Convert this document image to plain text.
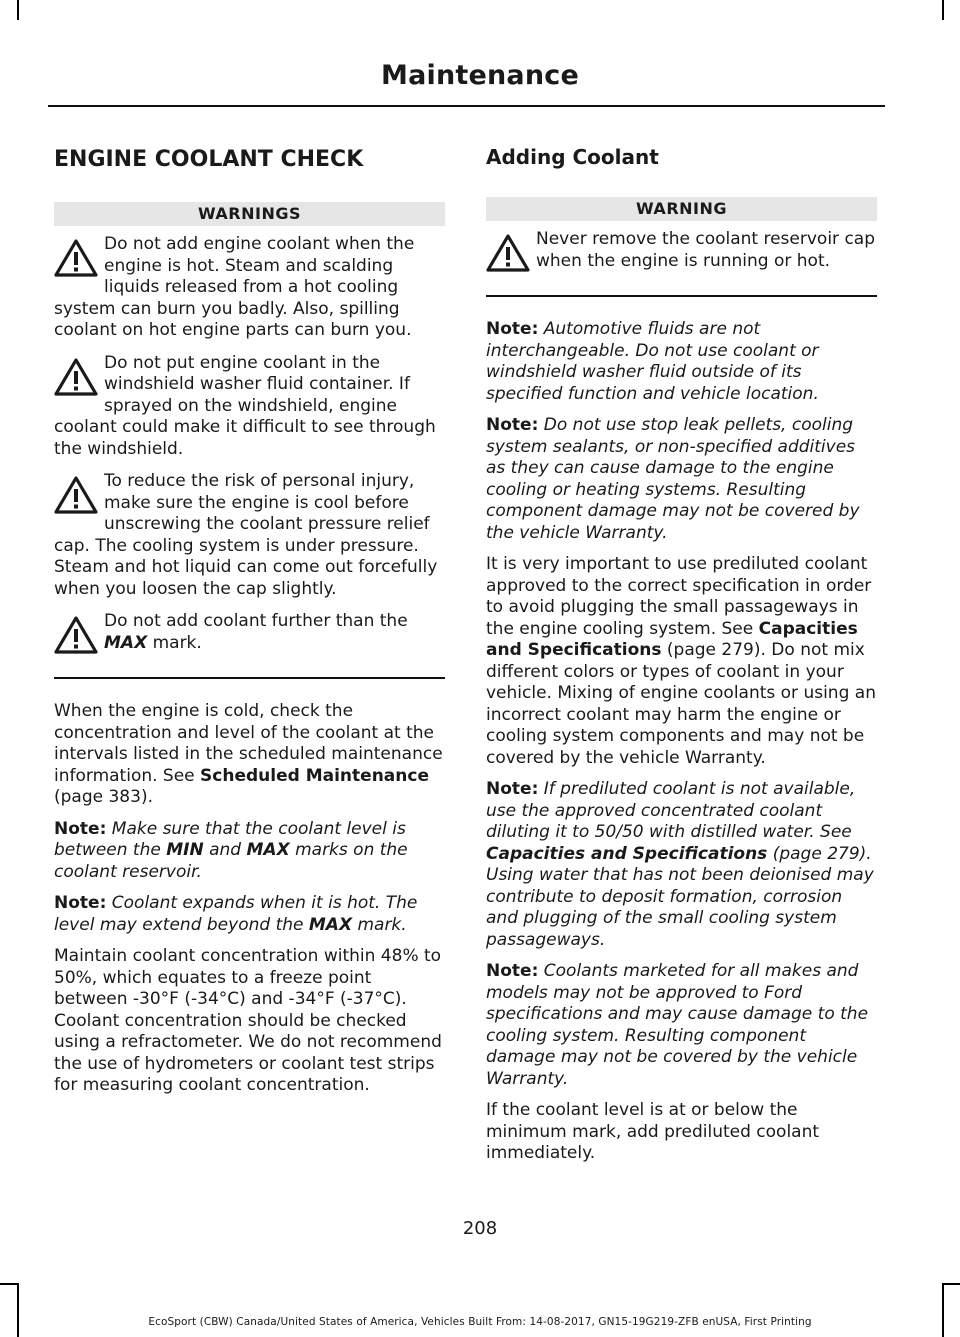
Maintenance
ENGINE COOLANT CHECK
WARNINGS

Do not add engine coolant when the engine is hot. Steam and scalding liquids released from a hot cooling system can burn you badly. Also, spilling coolant on hot engine parts can burn you.

Do not put engine coolant in the windshield washer fluid container. If sprayed on the windshield, engine coolant could make it difficult to see through the windshield.

To reduce the risk of personal injury, make sure the engine is cool before unscrewing the coolant pressure relief cap. The cooling system is under pressure. Steam and hot liquid can come out forcefully when you loosen the cap slightly.

Do not add coolant further than the MAX mark.

When the engine is cold, check the concentration and level of the coolant at the intervals listed in the scheduled maintenance information. See Scheduled Maintenance (page 383).

Note: Make sure that the coolant level is between the MIN and MAX marks on the coolant reservoir.

Note: Coolant expands when it is hot. The level may extend beyond the MAX mark.

Maintain coolant concentration within 48% to 50%, which equates to a freeze point between -30°F (-34°C) and -34°F (-37°C). Coolant concentration should be checked using a refractometer. We do not recommend the use of hydrometers or coolant test strips for measuring coolant concentration.

Adding Coolant
WARNING

Never remove the coolant reservoir cap when the engine is running or hot.

Note: Automotive fluids are not interchangeable. Do not use coolant or windshield washer fluid outside of its specified function and vehicle location.

Note: Do not use stop leak pellets, cooling system sealants, or non-specified additives as they can cause damage to the engine cooling or heating systems. Resulting component damage may not be covered by the vehicle Warranty.

It is very important to use prediluted coolant approved to the correct specification in order to avoid plugging the small passageways in the engine cooling system. See Capacities and Specifications (page 279). Do not mix different colors or types of coolant in your vehicle. Mixing of engine coolants or using an incorrect coolant may harm the engine or cooling system components and may not be covered by the vehicle Warranty.

Note: If prediluted coolant is not available, use the approved concentrated coolant diluting it to 50/50 with distilled water. See Capacities and Specifications (page 279). Using water that has not been deionised may contribute to deposit formation, corrosion and plugging of the small cooling system passageways.

Note: Coolants marketed for all makes and models may not be approved to Ford specifications and may cause damage to the cooling system. Resulting component damage may not be covered by the vehicle Warranty.

If the coolant level is at or below the minimum mark, add prediluted coolant immediately.

208
EcoSport (CBW) Canada/United States of America, Vehicles Built From: 14-08-2017, GN15-19G219-ZFB enUSA, First Printing
